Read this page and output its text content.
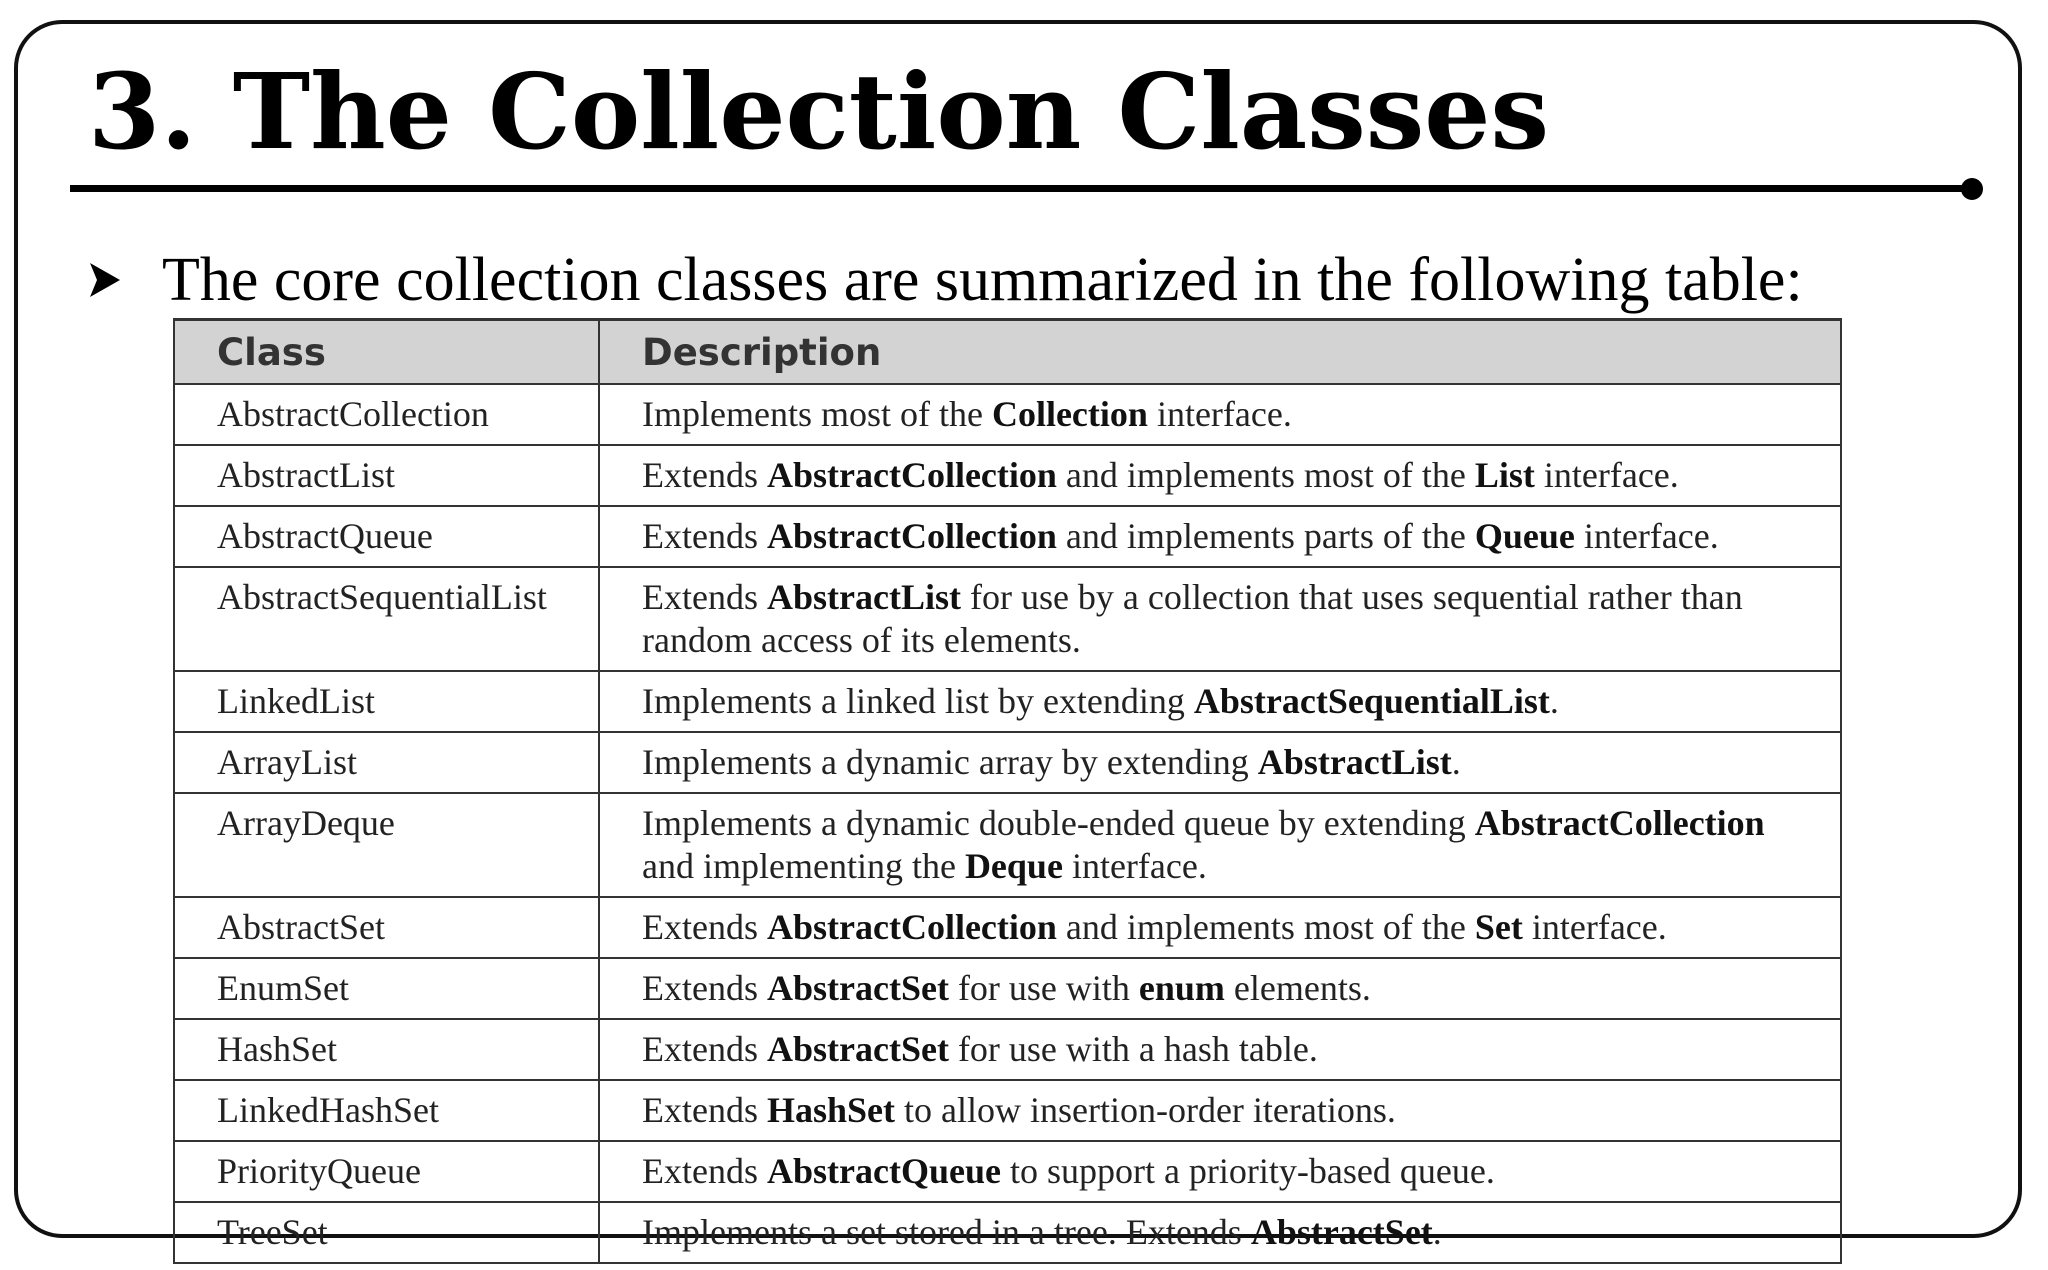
3. The Collection Classes
The core collection classes are summarized in the following table:
Class	Description
AbstractCollection	Implements most of the Collection interface.
AbstractList	Extends AbstractCollection and implements most of the List interface.
AbstractQueue	Extends AbstractCollection and implements parts of the Queue interface.
AbstractSequentialList	Extends AbstractList for use by a collection that uses sequential rather than random access of its elements.
LinkedList	Implements a linked list by extending AbstractSequentialList.
ArrayList	Implements a dynamic array by extending AbstractList.
ArrayDeque	Implements a dynamic double-ended queue by extending AbstractCollection and implementing the Deque interface.
AbstractSet	Extends AbstractCollection and implements most of the Set interface.
EnumSet	Extends AbstractSet for use with enum elements.
HashSet	Extends AbstractSet for use with a hash table.
LinkedHashSet	Extends HashSet to allow insertion-order iterations.
PriorityQueue	Extends AbstractQueue to support a priority-based queue.
TreeSet	Implements a set stored in a tree. Extends AbstractSet.
